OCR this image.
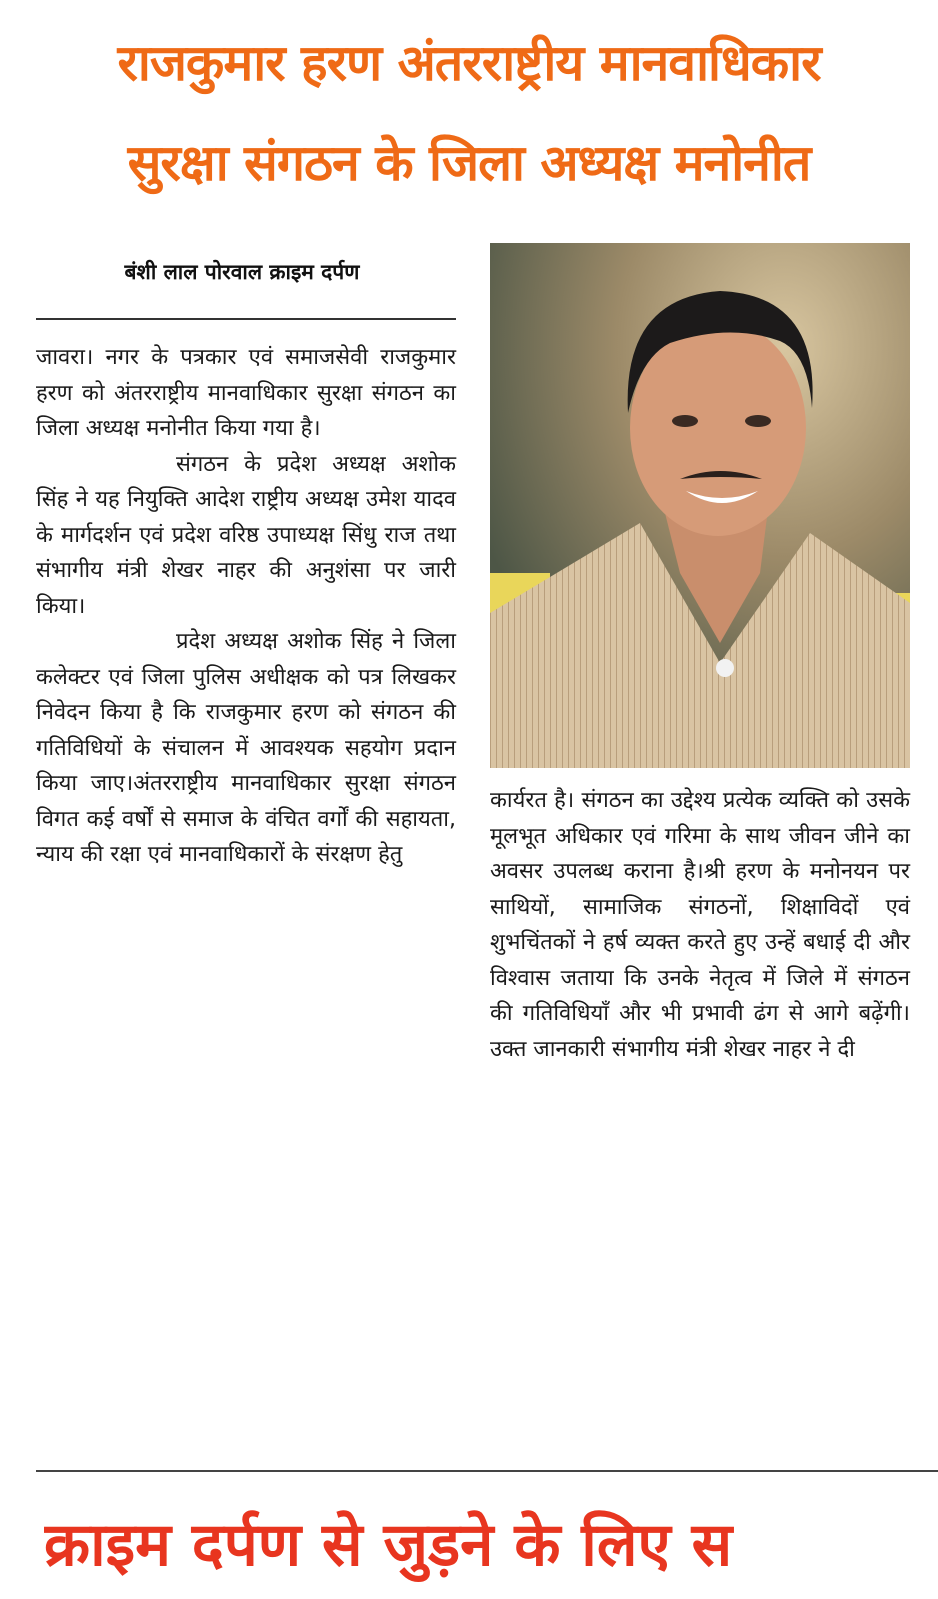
राजकुमार हरण अंतरराष्ट्रीय मानवाधिकार
सुरक्षा संगठन के जिला अध्यक्ष मनोनीत
बंशी लाल पोरवाल क्राइम दर्पण

जावरा। नगर के पत्रकार एवं समाजसेवी राजकुमार हरण को अंतरराष्ट्रीय मानवाधिकार सुरक्षा संगठन का जिला अध्यक्ष मनोनीत किया गया है।

संगठन के प्रदेश अध्यक्ष अशोक सिंह ने यह नियुक्ति आदेश राष्ट्रीय अध्यक्ष उमेश यादव के मार्गदर्शन एवं प्रदेश वरिष्ठ उपाध्यक्ष सिंधु राज तथा संभागीय मंत्री शेखर नाहर की अनुशंसा पर जारी किया।

प्रदेश अध्यक्ष अशोक सिंह ने जिला कलेक्टर एवं जिला पुलिस अधीक्षक को पत्र लिखकर निवेदन किया है कि राजकुमार हरण को संगठन की गतिविधियों के संचालन में आवश्यक सहयोग प्रदान किया जाए।अंतरराष्ट्रीय मानवाधिकार सुरक्षा संगठन विगत कई वर्षों से समाज के वंचित वर्गों की सहायता, न्याय की रक्षा एवं मानवाधिकारों के संरक्षण हेतु

कार्यरत है। संगठन का उद्देश्य प्रत्येक व्यक्ति को उसके मूलभूत अधिकार एवं गरिमा के साथ जीवन जीने का अवसर उपलब्ध कराना है।श्री हरण के मनोनयन पर साथियों, सामाजिक संगठनों, शिक्षाविदों एवं शुभचिंतकों ने हर्ष व्यक्त करते हुए उन्हें बधाई दी और विश्वास जताया कि उनके नेतृत्व में जिले में संगठन की गतिविधियाँ और भी प्रभावी ढंग से आगे बढ़ेंगी।उक्त जानकारी संभागीय मंत्री शेखर नाहर ने दी

क्राइम दर्पण से जुड़ने के लिए स
